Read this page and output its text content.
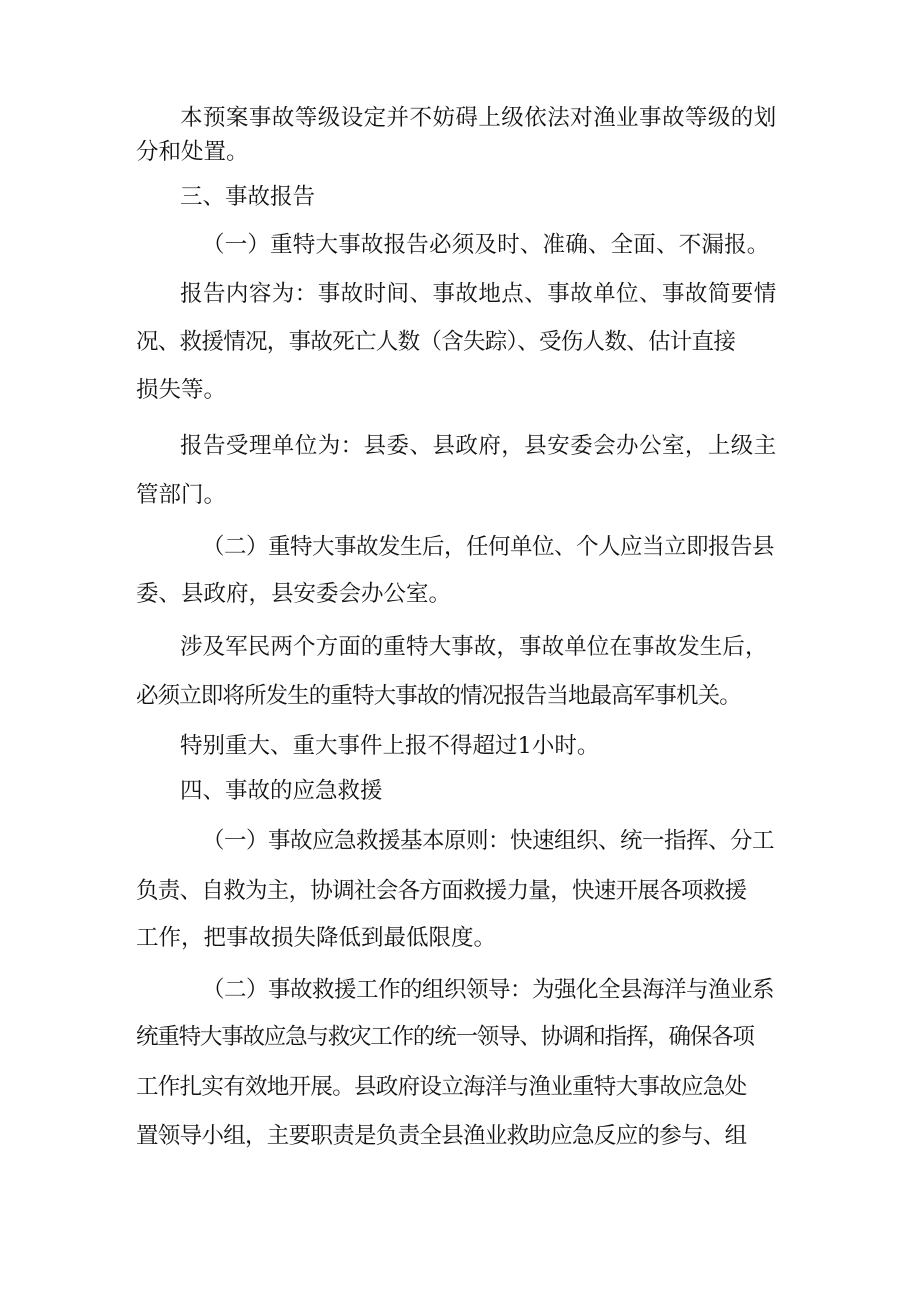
本预案事故等级设定并不妨碍上级依法对渔业事故等级的划

分和处置。

三、事故报告

（一）重特大事故报告必须及时、准确、全面、不漏报。

报告内容为：事故时间、事故地点、事故单位、事故简要情

况、救援情况，事故死亡人数（含失踪）、受伤人数、估计直接

损失等。

报告受理单位为：县委、县政府，县安委会办公室，上级主

管部门。

（二）重特大事故发生后，任何单位、个人应当立即报告县

委、县政府，县安委会办公室。

涉及军民两个方面的重特大事故，事故单位在事故发生后，

必须立即将所发生的重特大事故的情况报告当地最高军事机关。

特别重大、重大事件上报不得超过1小时。

四、事故的应急救援

（一）事故应急救援基本原则：快速组织、统一指挥、分工

负责、自救为主，协调社会各方面救援力量，快速开展各项救援

工作，把事故损失降低到最低限度。

（二）事故救援工作的组织领导：为强化全县海洋与渔业系

统重特大事故应急与救灾工作的统一领导、协调和指挥，确保各项

工作扎实有效地开展。县政府设立海洋与渔业重特大事故应急处

置领导小组，主要职责是负责全县渔业救助应急反应的参与、组
